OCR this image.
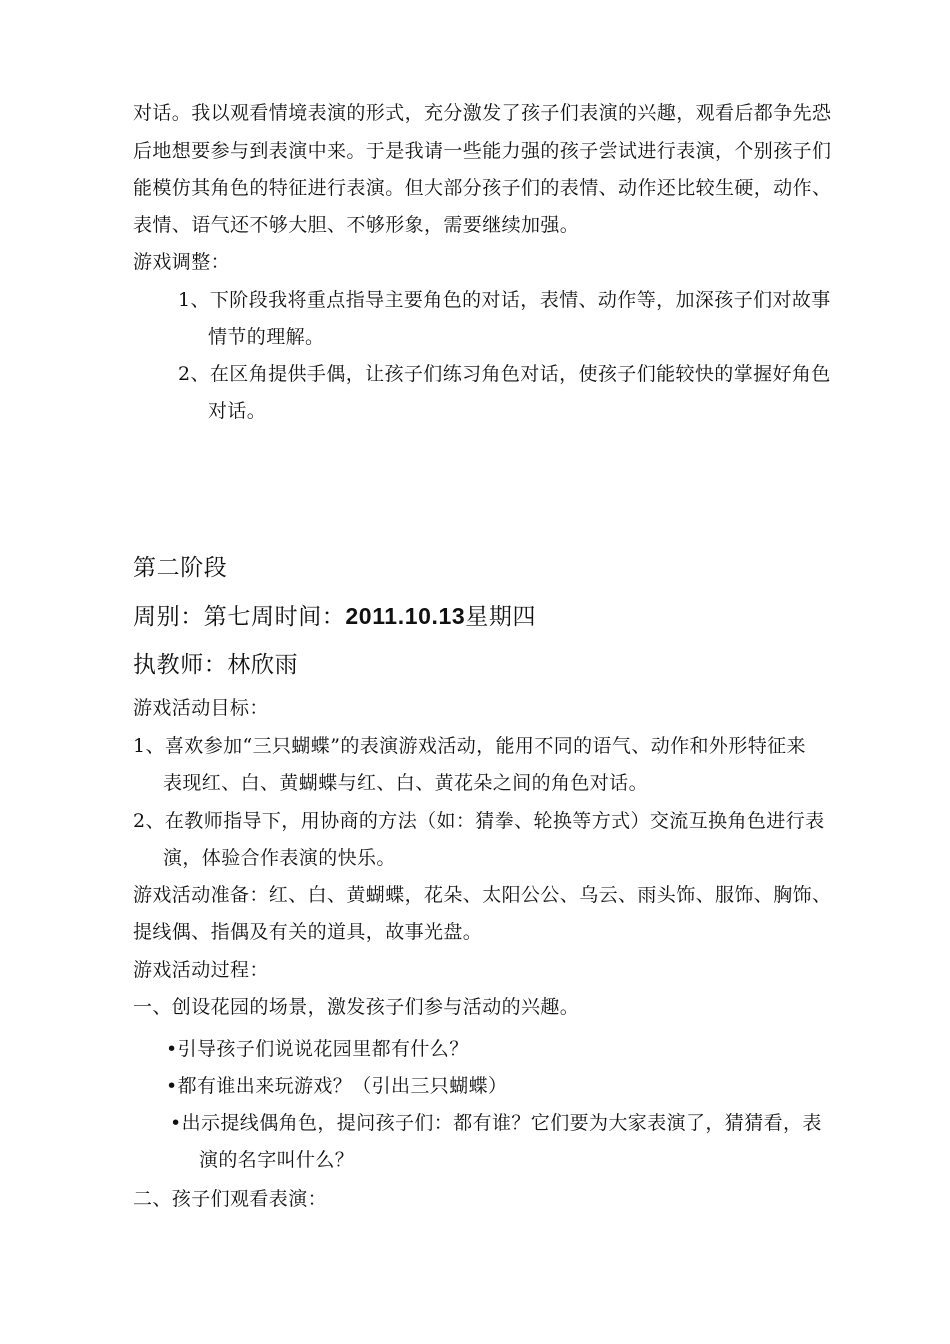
对话。我以观看情境表演的形式，充分激发了孩子们表演的兴趣，观看后都争先恐
后地想要参与到表演中来。于是我请一些能力强的孩子尝试进行表演，个别孩子们
能模仿其角色的特征进行表演。但大部分孩子们的表情、动作还比较生硬，动作、
表情、语气还不够大胆、不够形象，需要继续加强。
游戏调整：
1、下阶段我将重点指导主要角色的对话，表情、动作等，加深孩子们对故事
情节的理解。
2、在区角提供手偶，让孩子们练习角色对话，使孩子们能较快的掌握好角色
对话。
第二阶段
周别：第七周时间：2011.10.13星期四
执教师：林欣雨
游戏活动目标：
1、喜欢参加“三只蝴蝶”的表演游戏活动，能用不同的语气、动作和外形特征来
表现红、白、黄蝴蝶与红、白、黄花朵之间的角色对话。
2、在教师指导下，用协商的方法（如：猜拳、轮换等方式）交流互换角色进行表
演，体验合作表演的快乐。
游戏活动准备：红、白、黄蝴蝶，花朵、太阳公公、乌云、雨头饰、服饰、胸饰、
提线偶、指偶及有关的道具，故事光盘。
游戏活动过程：
一、创设花园的场景，激发孩子们参与活动的兴趣。
•引导孩子们说说花园里都有什么？
•都有谁出来玩游戏？（引出三只蝴蝶）
•出示提线偶角色，提问孩子们：都有谁？它们要为大家表演了，猜猜看，表
演的名字叫什么？
二、孩子们观看表演：
